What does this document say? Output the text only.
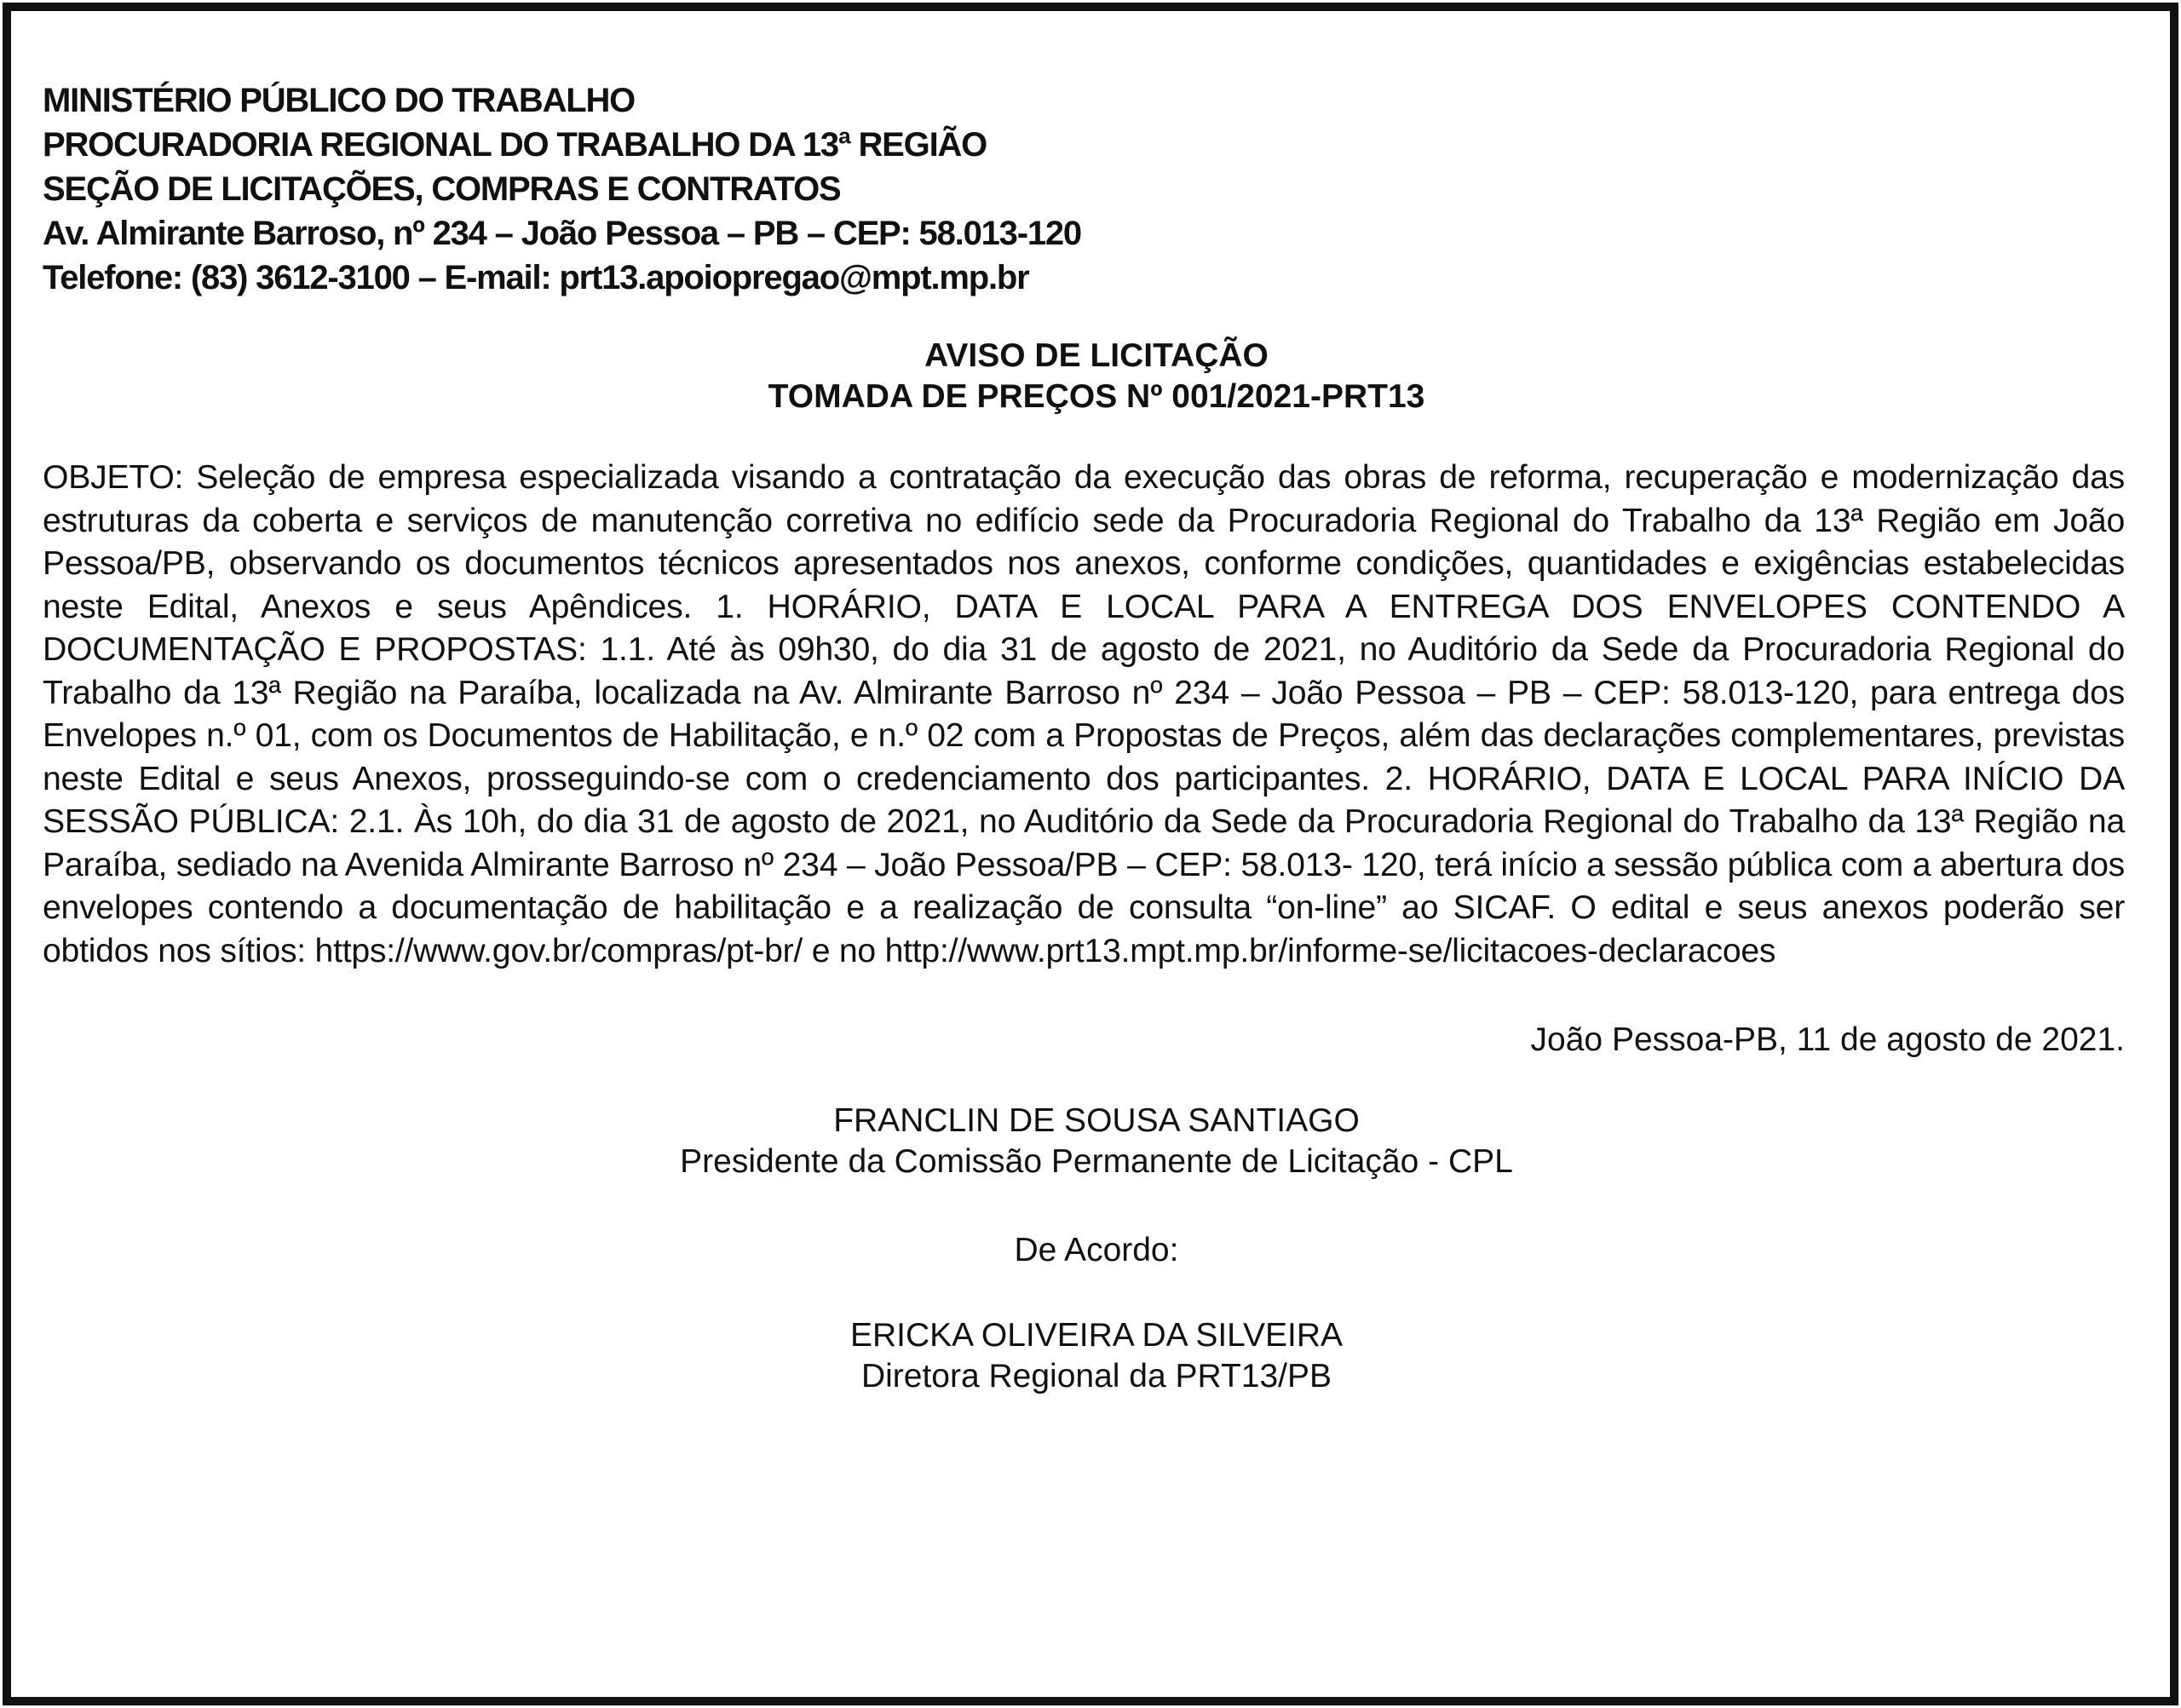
MINISTÉRIO PÚBLICO DO TRABALHO
PROCURADORIA REGIONAL DO TRABALHO DA 13ª REGIÃO
SEÇÃO DE LICITAÇÕES, COMPRAS E CONTRATOS
Av. Almirante Barroso, nº 234 – João Pessoa – PB – CEP: 58.013-120
Telefone: (83) 3612-3100 – E-mail: prt13.apoiopregao@mpt.mp.br
AVISO DE LICITAÇÃO
TOMADA DE PREÇOS Nº 001/2021-PRT13
OBJETO: Seleção de empresa especializada visando a contratação da execução das obras de reforma, recuperação e modernização das estruturas da coberta e serviços de manutenção corretiva no edifício sede da Procuradoria Regional do Trabalho da 13ª Região em João Pessoa/PB, observando os documentos técnicos apresentados nos anexos, conforme condições, quantidades e exigências estabelecidas neste Edital, Anexos e seus Apêndices. 1. HORÁRIO, DATA E LOCAL PARA A ENTREGA DOS ENVELOPES CONTENDO A DOCUMENTAÇÃO E PROPOSTAS: 1.1. Até às 09h30, do dia 31 de agosto de 2021, no Auditório da Sede da Procuradoria Regional do Trabalho da 13ª Região na Paraíba, localizada na Av. Almirante Barroso nº 234 – João Pessoa – PB – CEP: 58.013-120, para entrega dos Envelopes n.º 01, com os Documentos de Habilitação, e n.º 02 com a Propostas de Preços, além das declarações complementares, previstas neste Edital e seus Anexos, prosseguindo-se com o credenciamento dos participantes. 2. HORÁRIO, DATA E LOCAL PARA INÍCIO DA SESSÃO PÚBLICA: 2.1. Às 10h, do dia 31 de agosto de 2021, no Auditório da Sede da Procuradoria Regional do Trabalho da 13ª Região na Paraíba, sediado na Avenida Almirante Barroso nº 234 – João Pessoa/PB – CEP: 58.013- 120, terá início a sessão pública com a abertura dos envelopes contendo a documentação de habilitação e a realização de consulta “on-line” ao SICAF. O edital e seus anexos poderão ser obtidos nos sítios: https://www.gov.br/compras/pt-br/ e no http://www.prt13.mpt.mp.br/informe-se/licitacoes-declaracoes
João Pessoa-PB, 11 de agosto de 2021.
FRANCLIN DE SOUSA SANTIAGO
Presidente da Comissão Permanente de Licitação - CPL
De Acordo:
ERICKA OLIVEIRA DA SILVEIRA
Diretora Regional da PRT13/PB
